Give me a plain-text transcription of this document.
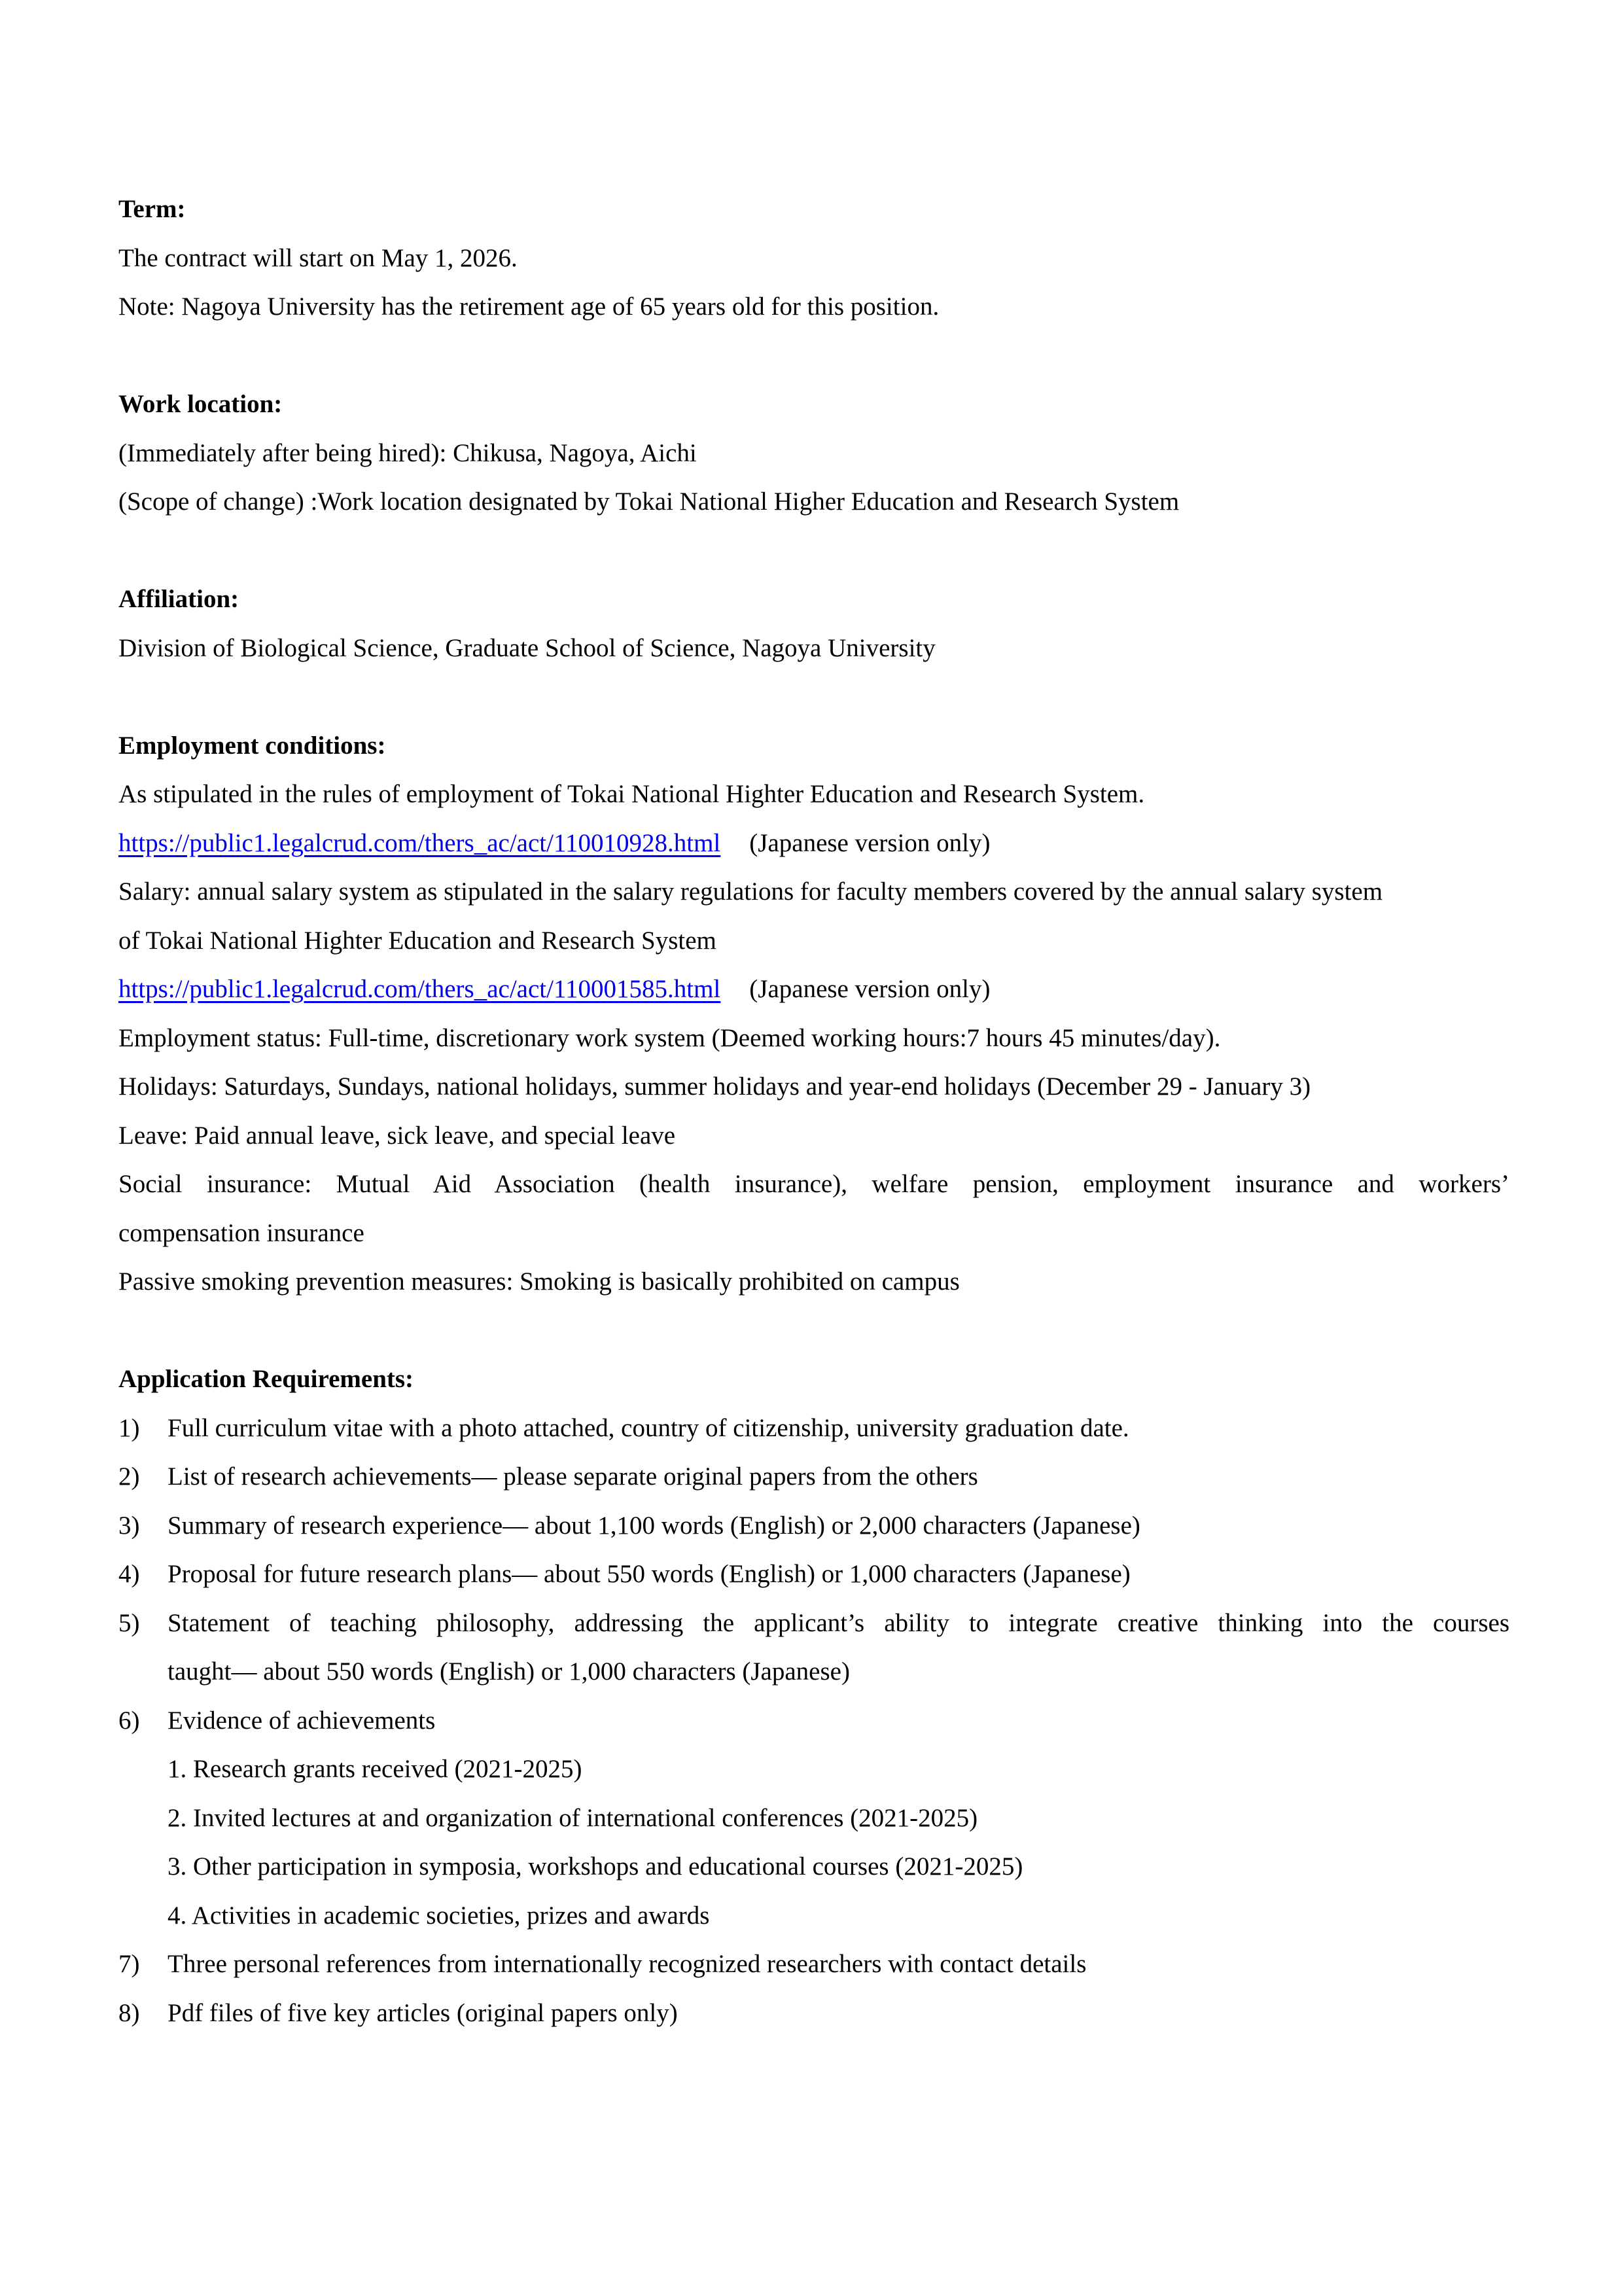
Term:
The contract will start on May 1, 2026.
Note: Nagoya University has the retirement age of 65 years old for this position.
Work location:
(Immediately after being hired): Chikusa, Nagoya, Aichi
(Scope of change) :Work location designated by Tokai National Higher Education and Research System
Affiliation:
Division of Biological Science, Graduate School of Science, Nagoya University
Employment conditions:
As stipulated in the rules of employment of Tokai National Highter Education and Research System.
https://public1.legalcrud.com/thers_ac/act/110010928.html (Japanese version only)
Salary: annual salary system as stipulated in the salary regulations for faculty members covered by the annual salary system
of Tokai National Highter Education and Research System
https://public1.legalcrud.com/thers_ac/act/110001585.html (Japanese version only)
Employment status: Full-time, discretionary work system (Deemed working hours:7 hours 45 minutes/day).
Holidays: Saturdays, Sundays, national holidays, summer holidays and year-end holidays (December 29 - January 3)
Leave: Paid annual leave, sick leave, and special leave
Social insurance: Mutual Aid Association (health insurance), welfare pension, employment insurance and workers’
compensation insurance
Passive smoking prevention measures: Smoking is basically prohibited on campus
Application Requirements:
1)	Full curriculum vitae with a photo attached, country of citizenship, university graduation date.
2)	List of research achievements— please separate original papers from the others
3)	Summary of research experience— about 1,100 words (English) or 2,000 characters (Japanese)
4)	Proposal for future research plans— about 550 words (English) or 1,000 characters (Japanese)
5)	Statement of teaching philosophy, addressing the applicant’s ability to integrate creative thinking into the courses
taught— about 550 words (English) or 1,000 characters (Japanese)
6)	Evidence of achievements
1. Research grants received (2021-2025)
2. Invited lectures at and organization of international conferences (2021-2025)
3. Other participation in symposia, workshops and educational courses (2021-2025)
4. Activities in academic societies, prizes and awards
7)	Three personal references from internationally recognized researchers with contact details
8)	Pdf files of five key articles (original papers only)
